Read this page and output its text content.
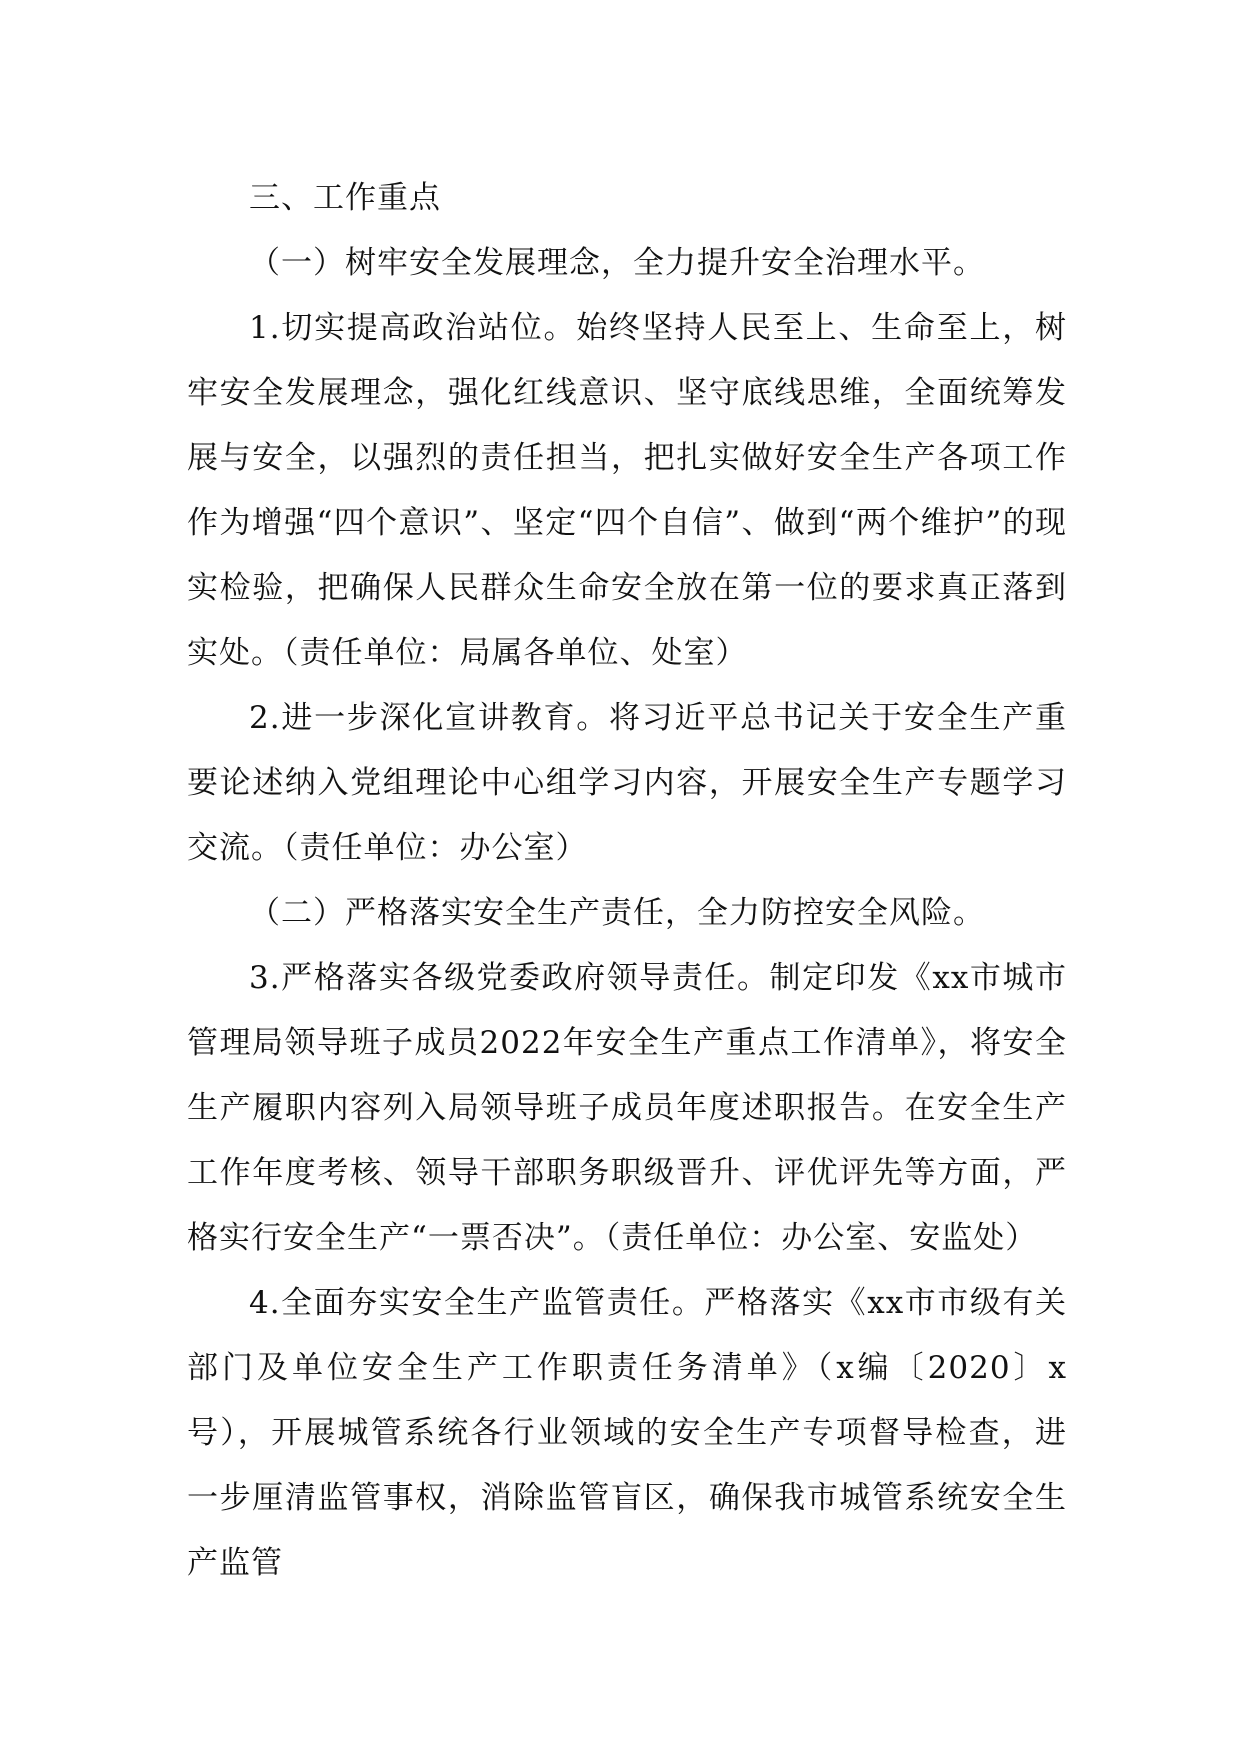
三、工作重点

（一）树牢安全发展理念，全力提升安全治理水平。

1.切实提高政治站位。始终坚持人民至上、生命至上，树牢安全发展理念，强化红线意识、坚守底线思维，全面统筹发展与安全，以强烈的责任担当，把扎实做好安全生产各项工作作为增强“四个意识”、坚定“四个自信”、做到“两个维护”的现实检验，把确保人民群众生命安全放在第一位的要求真正落到实处。（责任单位：局属各单位、处室）

2.进一步深化宣讲教育。将习近平总书记关于安全生产重要论述纳入党组理论中心组学习内容，开展安全生产专题学习交流。（责任单位：办公室）

（二）严格落实安全生产责任，全力防控安全风险。

3.严格落实各级党委政府领导责任。制定印发《xx市城市管理局领导班子成员2022年安全生产重点工作清单》，将安全生产履职内容列入局领导班子成员年度述职报告。在安全生产工作年度考核、领导干部职务职级晋升、评优评先等方面，严格实行安全生产“一票否决”。（责任单位：办公室、安监处）

4.全面夯实安全生产监管责任。严格落实《xx市市级有关部门及单位安全生产工作职责任务清单》（x编〔2020〕x号），开展城管系统各行业领域的安全生产专项督导检查，进一步厘清监管事权，消除监管盲区，确保我市城管系统安全生产监管
